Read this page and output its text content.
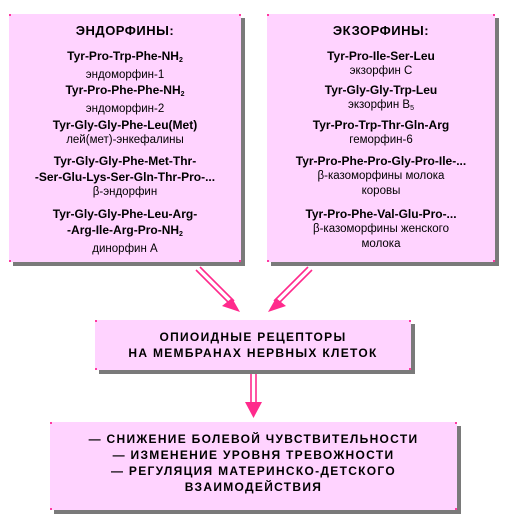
ЭНДОРФИНЫ:
Tyr-$Pro-Trp-Phe-NH_2$
эндоморфин-1
Tyr-$Pro-Phe-Phe-NH_2$
эндоморфин-2
Tyr-Gly-Gly-Phe-Leu(Met)
лей(мет)-энкефалины
Tyr-Gly-Gly-Phe-Met-Thr-
-Ser-Glu-Lys-Ser-Gln-Thr-Pro-...
β-эндорфин
Tyr-Gly-Gly-Phe-Leu-Arg-
$-Arg-Ile-Arg-Pro-NH_2$
динорфин А
ЭКЗОРФИНЫ:
Tyr-Pro-Ile-Ser-Leu
экзорфин С
Tyr-Gly-Gly-Trp-Leu
экзорфин $B_5$
Tyr-Pro-Trp-Thr-Gln-Arg
геморфин-6
Tyr-Pro-Phe-Pro-Gly-Pro-Ile-...
β-казоморфины молока
коровы
Tyr-Pro-Phe-Val-Glu-Pro-...
β-казоморфины женского
молока
ОПИОИДНЫЕ РЕЦЕПТОРЫ
НА МЕМБРАНАХ НЕРВНЫХ КЛЕТОК
— СНИЖЕНИЕ БОЛЕВОЙ ЧУВСТВИТЕЛЬНОСТИ
— ИЗМЕНЕНИЕ УРОВНЯ ТРЕВОЖНОСТИ
— РЕГУЛЯЦИЯ МАТЕРИНСКО-ДЕТСКОГО
ВЗАИМОДЕЙСТВИЯ
